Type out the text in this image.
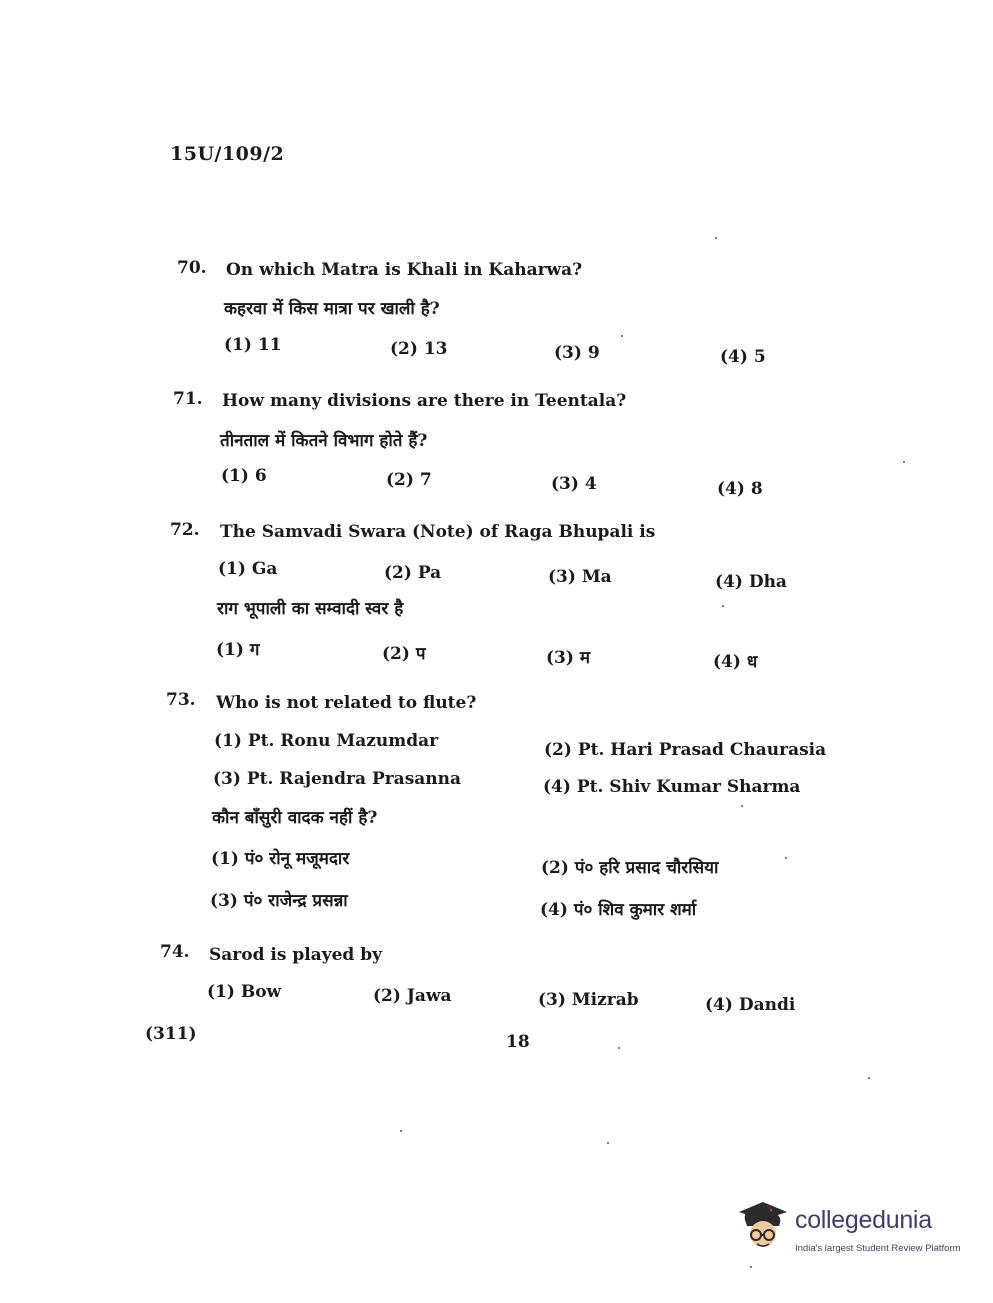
15U/109/2
70. On which Matra is Khali in Kaharwa?
कहरवा में किस मात्रा पर खाली है?
(1) 11	(2) 13	(3) 9	(4) 5
71. How many divisions are there in Teentala?
तीनताल में कितने विभाग होते हैं?
(1) 6	(2) 7	(3) 4	(4) 8
72. The Samvadi Swara (Note) of Raga Bhupali is
(1) Ga	(2) Pa	(3) Ma	(4) Dha
राग भूपाली का सम्वादी स्वर है
(1) ग	(2) प	(3) म	(4) ध
73. Who is not related to flute?
(1) Pt. Ronu Mazumdar	(2) Pt. Hari Prasad Chaurasia
(3) Pt. Rajendra Prasanna	(4) Pt. Shiv Kumar Sharma
कौन बाँसुरी वादक नहीं है?
(1) पं० रोनू मजूमदार	(2) पं० हरि प्रसाद चौरसिया
(3) पं० राजेन्द्र प्रसन्ना	(4) पं० शिव कुमार शर्मा
74. Sarod is played by
(1) Bow	(2) Jawa	(3) Mizrab	(4) Dandi
(311)	18
collegedunia
India's largest Student Review Platform
